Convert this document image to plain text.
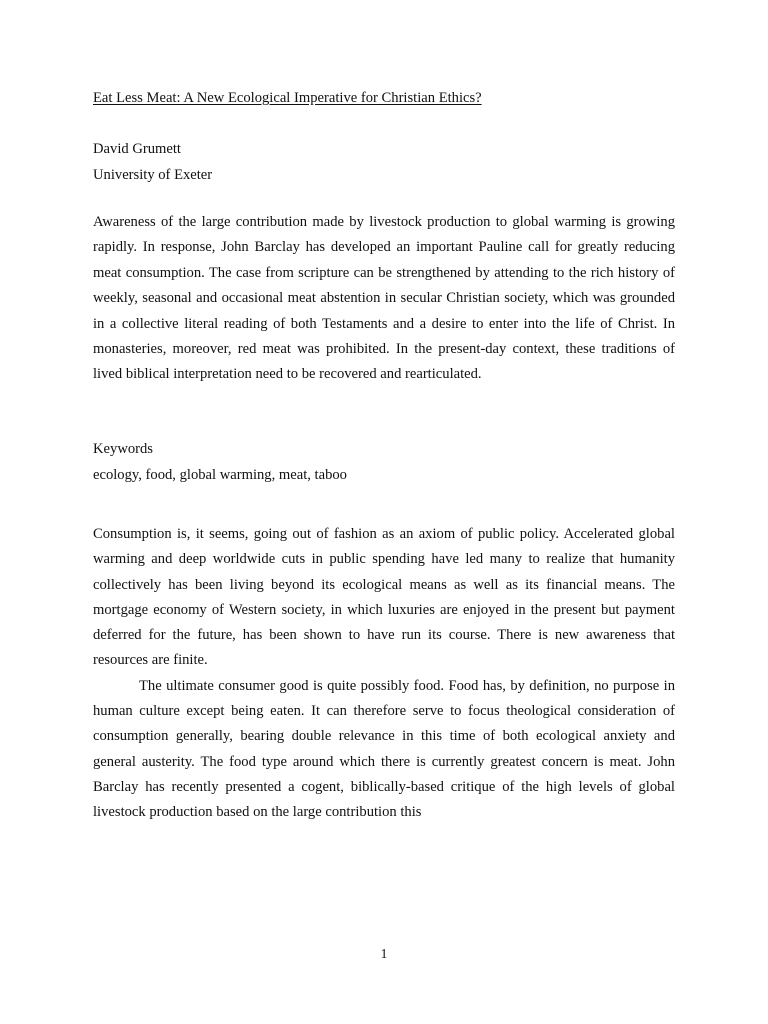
Eat Less Meat: A New Ecological Imperative for Christian Ethics?
David Grumett
University of Exeter
Awareness of the large contribution made by livestock production to global warming is growing rapidly. In response, John Barclay has developed an important Pauline call for greatly reducing meat consumption. The case from scripture can be strengthened by attending to the rich history of weekly, seasonal and occasional meat abstention in secular Christian society, which was grounded in a collective literal reading of both Testaments and a desire to enter into the life of Christ. In monasteries, moreover, red meat was prohibited. In the present-day context, these traditions of lived biblical interpretation need to be recovered and rearticulated.
Keywords
ecology, food, global warming, meat, taboo

Consumption is, it seems, going out of fashion as an axiom of public policy. Accelerated global warming and deep worldwide cuts in public spending have led many to realize that humanity collectively has been living beyond its ecological means as well as its financial means. The mortgage economy of Western society, in which luxuries are enjoyed in the present but payment deferred for the future, has been shown to have run its course. There is new awareness that resources are finite.

The ultimate consumer good is quite possibly food. Food has, by definition, no purpose in human culture except being eaten. It can therefore serve to focus theological consideration of consumption generally, bearing double relevance in this time of both ecological anxiety and general austerity. The food type around which there is currently greatest concern is meat. John Barclay has recently presented a cogent, biblically-based critique of the high levels of global livestock production based on the large contribution this

1
